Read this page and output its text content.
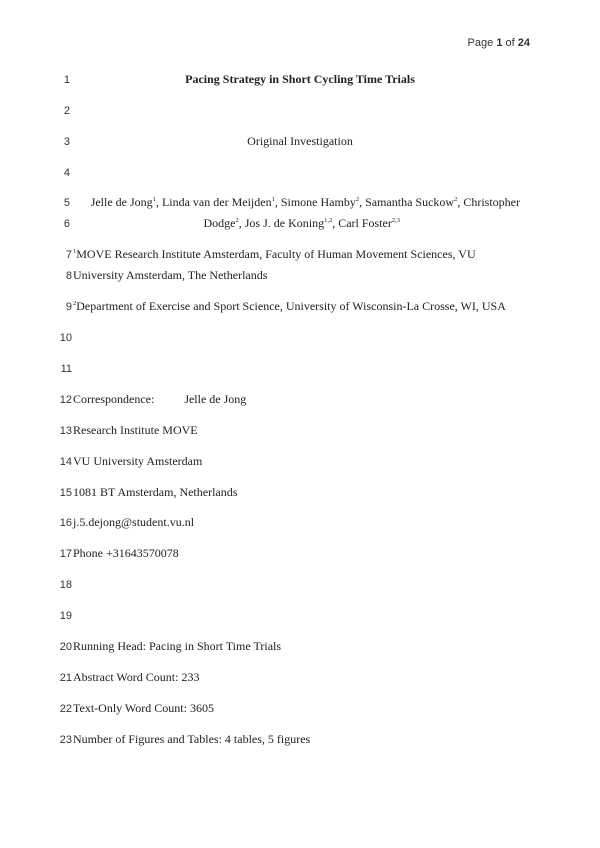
Page 1 of 24
1
2
3
4
5
6
7
8
9
10
11
12
13
14
15
16
17
18
19
20
21
22
23
Pacing Strategy in Short Cycling Time Trials
Original Investigation
Jelle de Jong$^1$, Linda van der Meijden$^1$, Simone Hamby$^2$, Samantha Suckow$^2$, Christopher
Dodge$^2$, Jos J. de Koning$^{1,2}$, Carl Foster$^{2,3}$
$^1$MOVE Research Institute Amsterdam, Faculty of Human Movement Sciences, VU
University Amsterdam, The Netherlands
$^2$Department of Exercise and Sport Science, University of Wisconsin-La Crosse, WI, USA
Correspondence:	Jelle de Jong
Research Institute MOVE
VU University Amsterdam
1081 BT Amsterdam, Netherlands
j.5.dejong@student.vu.nl
Phone +31643570078
Running Head: Pacing in Short Time Trials
Abstract Word Count: 233
Text-Only Word Count: 3605
Number of Figures and Tables: 4 tables, 5 figures
